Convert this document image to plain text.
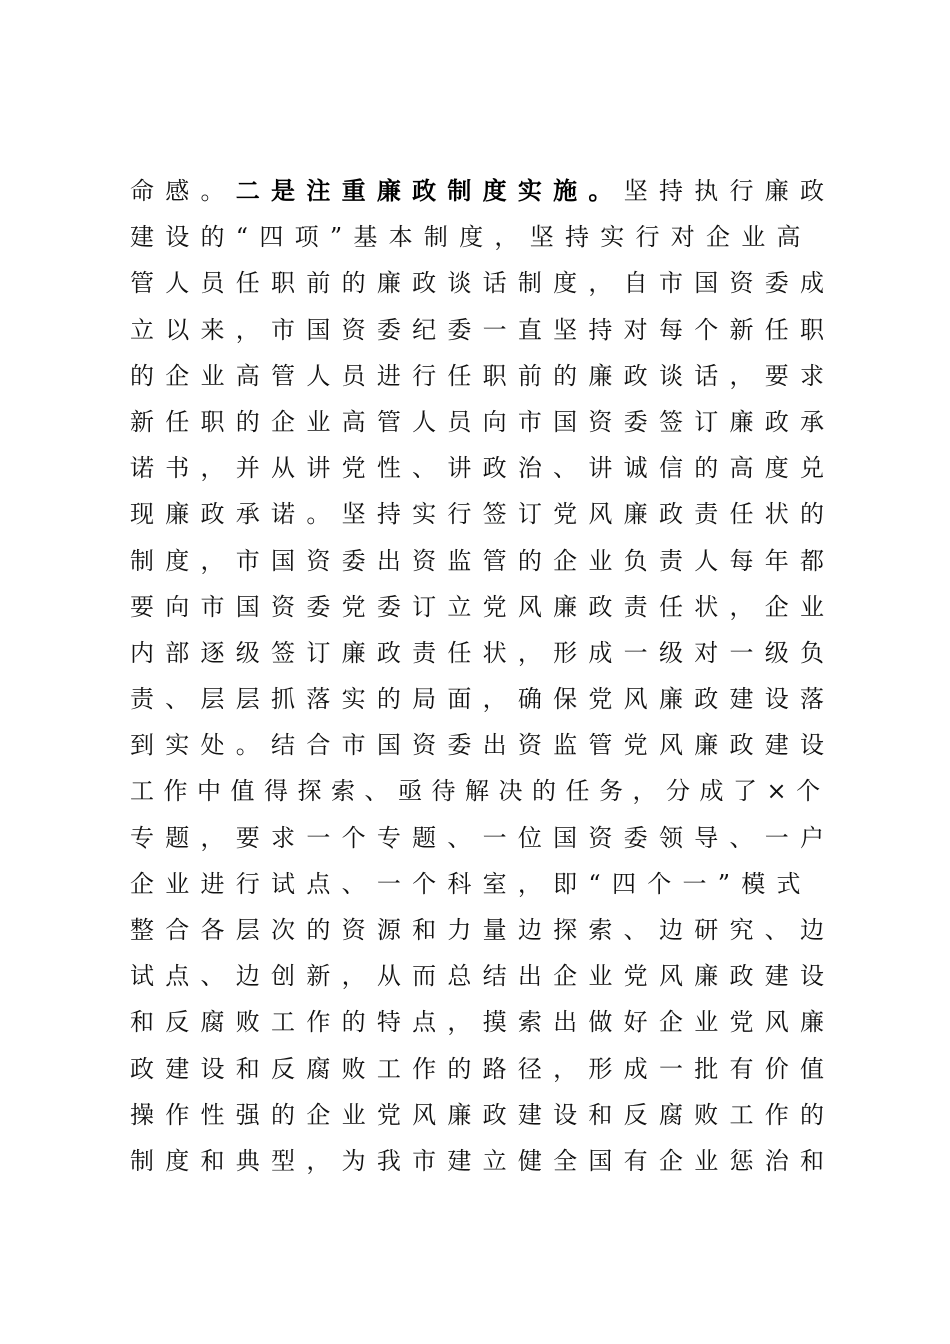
命感。二是注重廉政制度实施。坚持执行廉政
建设的“四项”基本制度，坚持实行对企业高
管人员任职前的廉政谈话制度，自市国资委成
立以来，市国资委纪委一直坚持对每个新任职
的企业高管人员进行任职前的廉政谈话，要求
新任职的企业高管人员向市国资委签订廉政承
诺书，并从讲党性、讲政治、讲诚信的高度兑
现廉政承诺。坚持实行签订党风廉政责任状的
制度，市国资委出资监管的企业负责人每年都
要向市国资委党委订立党风廉政责任状，企业
内部逐级签订廉政责任状，形成一级对一级负
责、层层抓落实的局面，确保党风廉政建设落
到实处。结合市国资委出资监管党风廉政建设
工作中值得探索、亟待解决的任务，分成了×个
专题，要求一个专题、一位国资委领导、一户
企业进行试点、一个科室，即“四个一”模式
整合各层次的资源和力量边探索、边研究、边
试点、边创新，从而总结出企业党风廉政建设
和反腐败工作的特点，摸索出做好企业党风廉
政建设和反腐败工作的路径，形成一批有价值
操作性强的企业党风廉政建设和反腐败工作的
制度和典型，为我市建立健全国有企业惩治和
